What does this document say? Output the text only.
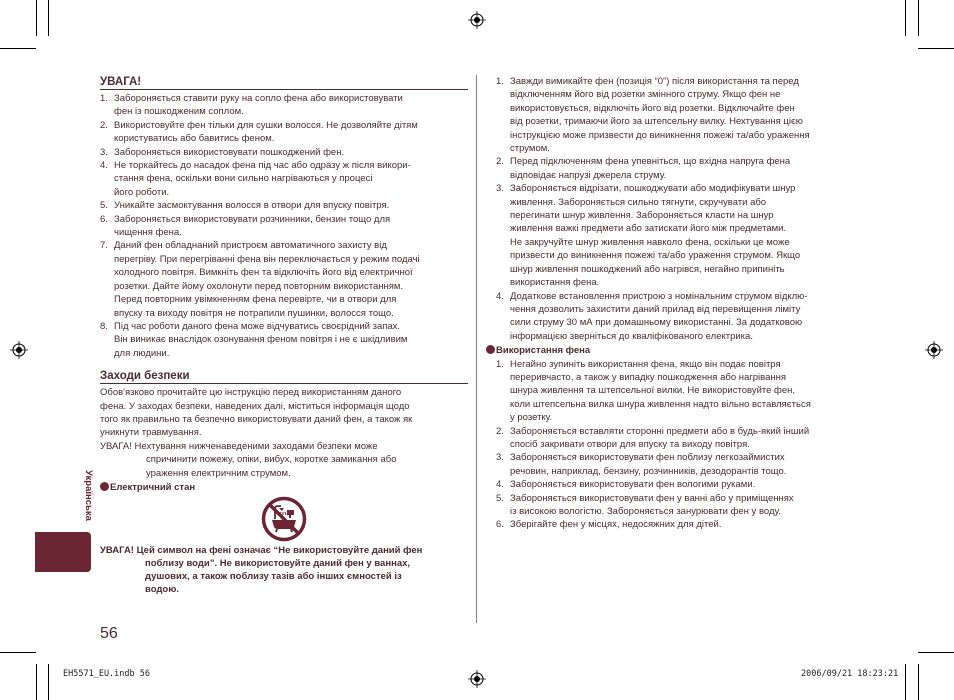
УВАГА!
1. Забороняється ставити руку на сопло фена або використовувати
фен із пошкодженим соплом.
2. Використовуйте фен тільки для сушки волосся. Не дозволяйте дітям
користуватись або бавитись феном.
3. Забороняється використовувати пошкоджений фен.
4. Не торкайтесь до насадок фена під час або одразу ж після викори-
стання фена, оскільки вони сильно нагріваються у процесі
його роботи.
5. Уникайте засмоктування волосся в отвори для впуску повітря.
6. Забороняється використовувати розчинники, бензин тощо для
чищення фена.
7. Даний фен обладнаний пристроєм автоматичного захисту від
перегріву. При перегріванні фена він переключається у режим подачі
холодного повітря. Вимкніть фен та відключіть його від електричної
розетки. Дайте йому охолонути перед повторним використанням.
Перед повторним увімкненням фена перевірте, чи в отвори для
впуску та виходу повітря не потрапили пушинки, волосся тощо.
8. Під час роботи даного фена може відчуватись своєрідний запах.
Він виникає внаслідок озонування феном повітря і не є шкідливим
для людини.
Заходи безпеки
Обов'язково прочитайте цю інструкцію перед використанням даного
фена. У заходах безпеки, наведених далі, міститься інформація щодо
того як правильно та безпечно використовувати даний фен, а також як
уникнути травмування.
УВАГА! Нехтування нижченаведеними заходами безпеки може
спричинити пожежу, опіки, вибух, коротке замикання або
ураження електричним струмом.
Електричний стан
УВАГА! Цей символ на фені означає “Не використовуйте даний фен
поблизу води”. Не використовуйте даний фен у ваннах,
душових, а також поблизу тазів або інших ємностей із
водою.
1. Завжди вимикайте фен (позиція “0”) після використання та перед
відключенням його від розетки змінного струму. Якщо фен не
використовується, відключіть його від розетки. Відключайте фен
від розетки, тримаючи його за штепсельну вилку. Нехтування цією
інструкцією може призвести до виникнення пожежі та/або ураження
струмом.
2. Перед підключенням фена упевніться, що вхідна напруга фена
відповідає напрузі джерела струму.
3. Забороняється відрізати, пошкоджувати або модифікувати шнур
живлення. Забороняється сильно тягнути, скручувати або
перегинати шнур живлення. Забороняється класти на шнур
живлення важкі предмети або затискати його між предметами.
Не закручуйте шнур живлення навколо фена, оскільки це може
призвести до виникнення пожежі та/або ураження струмом. Якщо
шнур живлення пошкоджений або нагрівся, негайно припиніть
використання фена.
4. Додаткове встановлення пристрою з номінальним струмом відклю-
чення дозволить захистити даний прилад від перевищення ліміту
сили струму 30 мА при домашньому використанні. За додатковою
інформацією зверніться до кваліфікованого електрика.
Використання фена
1. Негайно зупиніть використання фена, якщо він подає повітря
переривчасто, а також у випадку пошкодження або нагрівання
шнура живлення та штепсельної вилки. Не використовуйте фен,
коли штепсельна вилка шнура живлення надто вільно вставляється
у розетку.
2. Забороняється вставляти сторонні предмети або в будь-який інший
спосіб закривати отвори для впуску та виходу повітря.
3. Забороняється використовувати фен поблизу легкозаймистих
речовин, наприклад, бензину, розчинників, дезодорантів тощо.
4. Забороняється використовувати фен вологими руками.
5. Забороняється використовувати фен у ванні або у приміщеннях
із високою вологістю. Забороняється занурювати фен у воду.
6. Зберігайте фен у місцях, недосяжних для дітей.
Українська
56
EH5571_EU.indb 56	2006/09/21 18:23:21
